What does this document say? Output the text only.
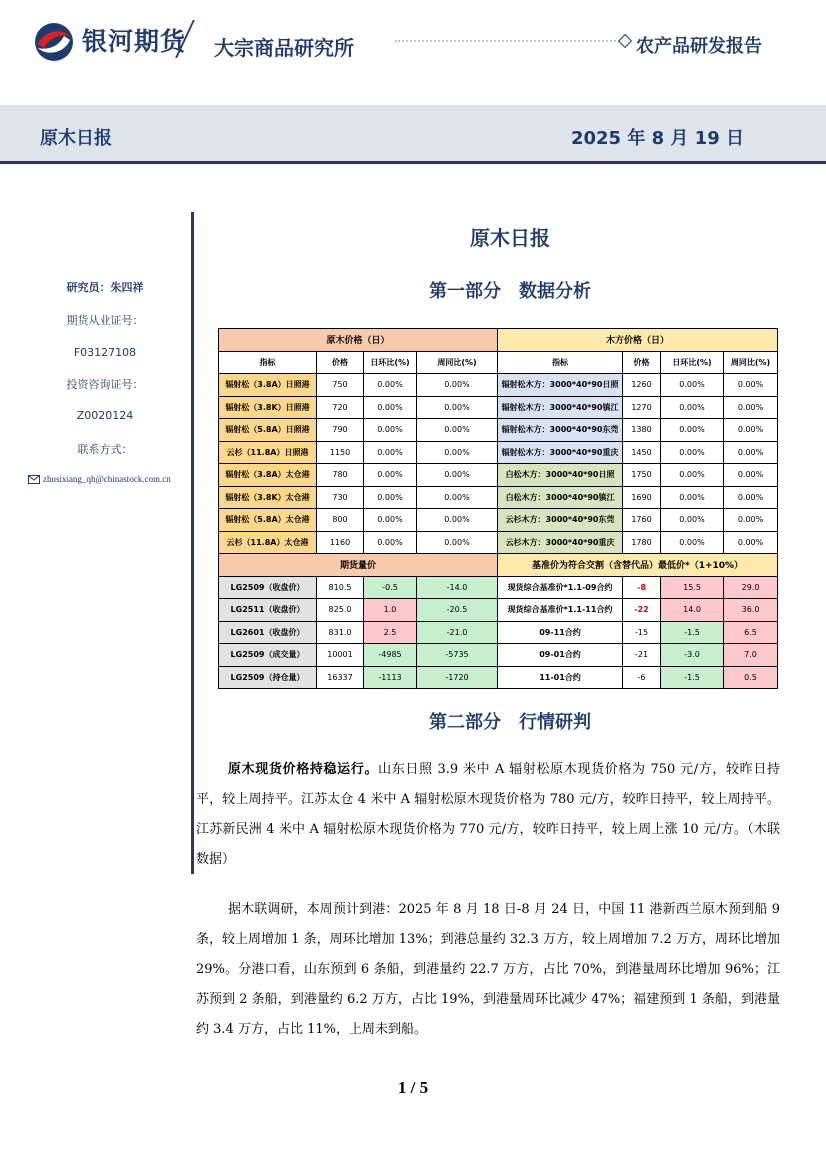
银河期货 大宗商品研究所	农产品研发报告
原木日报	2025 年 8 月 19 日
研究员：朱四祥
期货从业证号：
F03127108
投资咨询证号：
Z0020124
联系方式：
zhusixiang_qh@chinastock.com.cn
原木日报
第一部分　数据分析
原木价格（日）				木方价格（日）			
指标	价格	日环比(%)	周同比(%)	指标	价格	日环比(%)	周同比(%)
辐射松（3.8A）日照港	750	0.00%	0.00%	辐射松木方：3000*40*90日照	1260	0.00%	0.00%
辐射松（3.8K）日照港	720	0.00%	0.00%	辐射松木方：3000*40*90镇江	1270	0.00%	0.00%
辐射松（5.8A）日照港	790	0.00%	0.00%	辐射松木方：3000*40*90东莞	1380	0.00%	0.00%
云杉（11.8A）日照港	1150	0.00%	0.00%	辐射松木方：3000*40*90重庆	1450	0.00%	0.00%
辐射松（3.8A）太仓港	780	0.00%	0.00%	白松木方：3000*40*90日照	1750	0.00%	0.00%
辐射松（3.8K）太仓港	730	0.00%	0.00%	白松木方：3000*40*90镇江	1690	0.00%	0.00%
辐射松（5.8A）太仓港	800	0.00%	0.00%	云杉木方：3000*40*90东莞	1760	0.00%	0.00%
云杉（11.8A）太仓港	1160	0.00%	0.00%	云杉木方：3000*40*90重庆	1780	0.00%	0.00%
期货量价				基准价为符合交割（含替代品）最低价*（1+10%）			
LG2509（收盘价）	810.5	-0.5	-14.0	现货综合基准价*1.1-09合约	-8	15.5	29.0
LG2511（收盘价）	825.0	1.0	-20.5	现货综合基准价*1.1-11合约	-22	14.0	36.0
LG2601（收盘价）	831.0	2.5	-21.0	09-11合约	-15	-1.5	6.5
LG2509（成交量）	10001	-4985	-5735	09-01合约	-21	-3.0	7.0
LG2509（持仓量）	16337	-1113	-1720	11-01合约	-6	-1.5	0.5
第二部分　行情研判
原木现货价格持稳运行。山东日照 3.9 米中 A 辐射松原木现货价格为 750 元/方，较昨日持平，较上周持平。江苏太仓 4 米中 A 辐射松原木现货价格为 780 元/方，较昨日持平，较上周持平。江苏新民洲 4 米中 A 辐射松原木现货价格为 770 元/方，较昨日持平，较上周上涨 10 元/方。（木联数据）
据木联调研，本周预计到港：2025 年 8 月 18 日-8 月 24 日，中国 11 港新西兰原木预到船 9 条，较上周增加 1 条，周环比增加 13%；到港总量约 32.3 万方，较上周增加 7.2 万方，周环比增加 29%。分港口看，山东预到 6 条船，到港量约 22.7 万方，占比 70%，到港量周环比增加 96%；江苏预到 2 条船，到港量约 6.2 万方，占比 19%，到港量周环比减少 47%；福建预到 1 条船，到港量约 3.4 万方，占比 11%，上周未到船。
1 / 5
